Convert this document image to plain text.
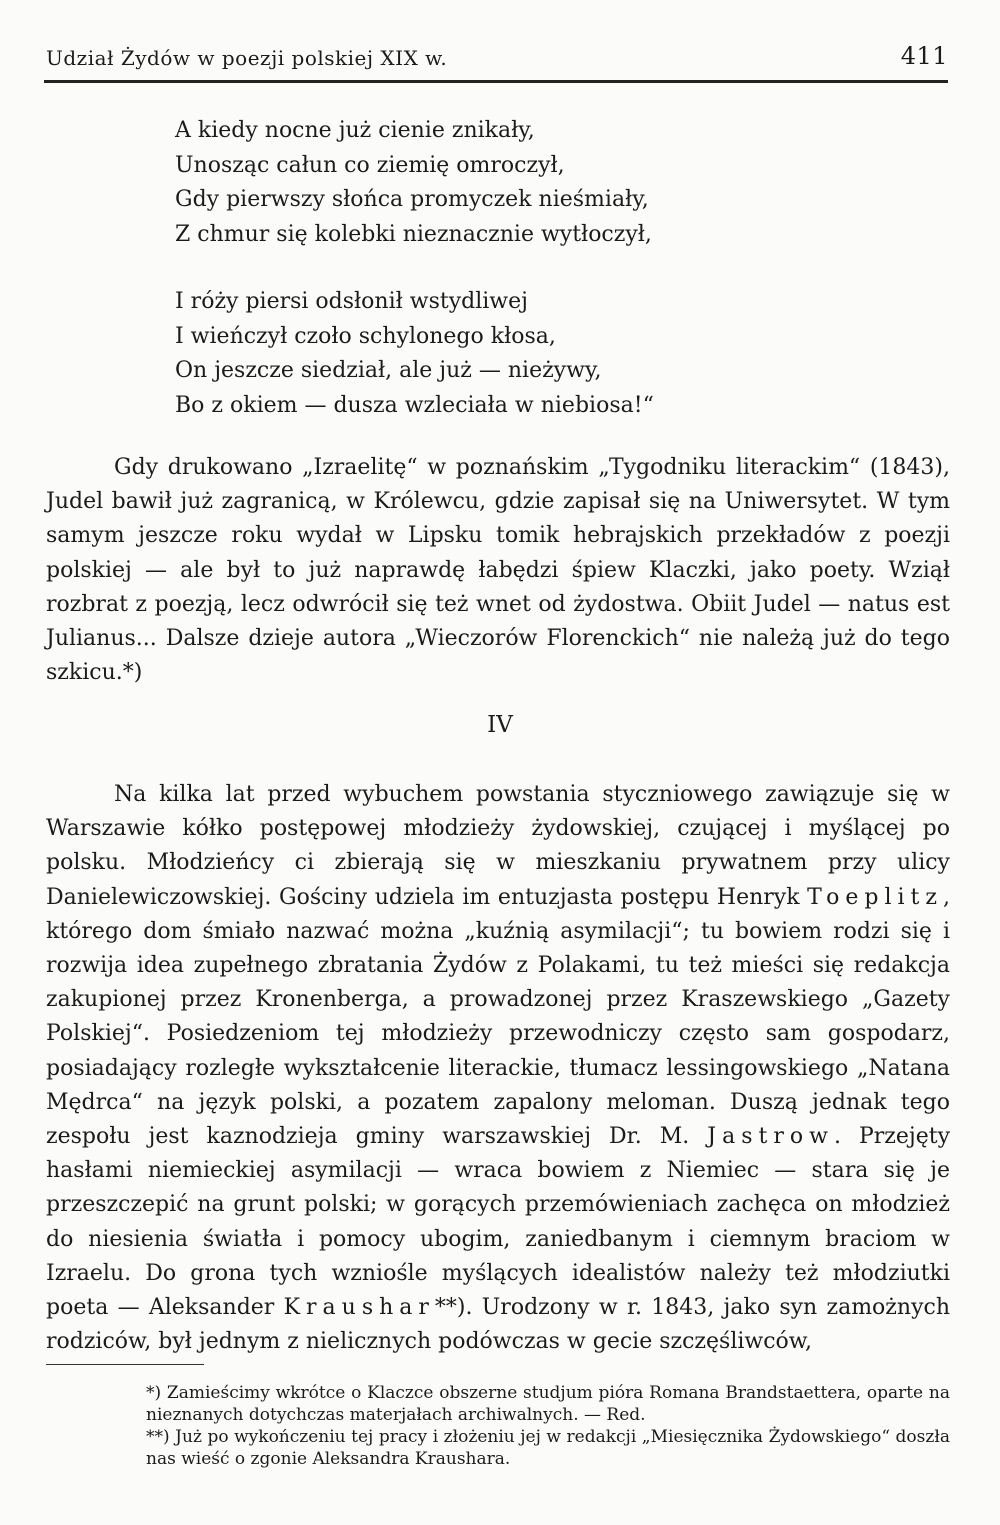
Udział Żydów w poezji polskiej XIX w.	411
A kiedy nocne już cienie znikały,
Unosząc całun co ziemię omroczył,
Gdy pierwszy słońca promyczek nieśmiały,
Z chmur się kolebki nieznacznie wytłoczył,
I róży piersi odsłonił wstydliwej
I wieńczył czoło schylonego kłosa,
On jeszcze siedział, ale już — nieżywy,
Bo z okiem — dusza wzleciała w niebiosa!“

Gdy drukowano „Izraelitę“ w poznańskim „Tygodniku literackim“ (1843), Judel bawił już zagranicą, w Królewcu, gdzie zapisał się na Uniwersytet. W tym samym jeszcze roku wydał w Lipsku tomik hebrajskich przekładów z poezji polskiej — ale był to już naprawdę łabędzi śpiew Klaczki, jako poety. Wziął rozbrat z poezją, lecz odwrócił się też wnet od żydostwa. Obiit Judel — natus est Julianus... Dalsze dzieje autora „Wieczorów Florenckich“ nie należą już do tego szkicu.*)

IV

Na kilka lat przed wybuchem powstania styczniowego zawiązuje się w Warszawie kółko postępowej młodzieży żydowskiej, czującej i myślącej po polsku. Młodzieńcy ci zbierają się w mieszkaniu prywatnem przy ulicy Danielewiczowskiej. Gościny udziela im entuzjasta postępu Henryk Toeplitz, którego dom śmiało nazwać można „kuźnią asymilacji“; tu bowiem rodzi się i rozwija idea zupełnego zbratania Żydów z Polakami, tu też mieści się redakcja zakupionej przez Kronenberga, a prowadzonej przez Kraszewskiego „Gazety Polskiej“. Posiedzeniom tej młodzieży przewodniczy często sam gospodarz, posiadający rozległe wykształcenie literackie, tłumacz lessingowskiego „Natana Mędrca“ na język polski, a pozatem zapalony meloman. Duszą jednak tego zespołu jest kaznodzieja gminy warszawskiej Dr. M. Jastrow. Przejęty hasłami niemieckiej asymilacji — wraca bowiem z Niemiec — stara się je przeszczepić na grunt polski; w gorących przemówieniach zachęca on młodzież do niesienia światła i pomocy ubogim, zaniedbanym i ciemnym braciom w Izraelu. Do grona tych wzniośle myślących idealistów należy też młodziutki poeta — Aleksander Kraushar**). Urodzony w r. 1843, jako syn zamożnych rodziców, był jednym z nielicznych podówczas w gecie szczęśliwców,

*) Zamieścimy wkrótce o Klaczce obszerne studjum pióra Romana Brandstaettera, oparte na nieznanych dotychczas materjałach archiwalnych. — Red.

**) Już po wykończeniu tej pracy i złożeniu jej w redakcji „Miesięcznika Żydowskiego“ doszła nas wieść o zgonie Aleksandra Kraushara.
